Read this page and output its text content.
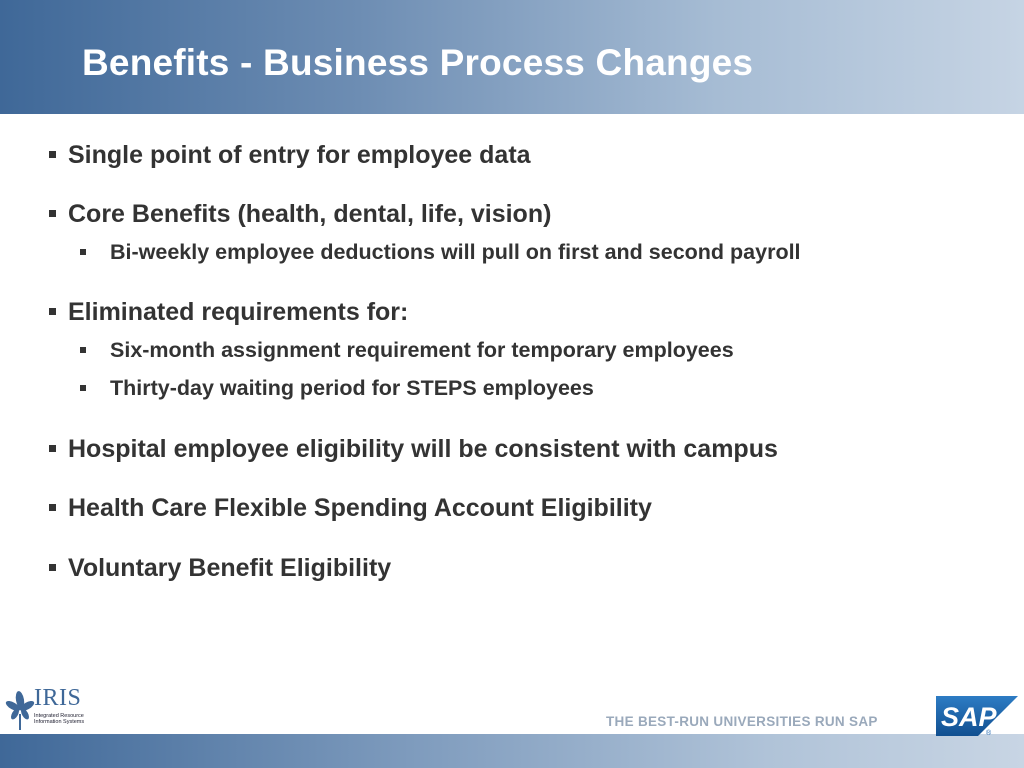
Benefits - Business Process Changes
Single point of entry for employee data
Core Benefits (health, dental, life, vision)
Bi-weekly employee deductions will pull on first and second payroll
Eliminated requirements for:
Six-month assignment requirement for temporary employees
Thirty-day waiting period for STEPS employees
Hospital employee eligibility will be consistent with campus
Health Care Flexible Spending Account Eligibility
Voluntary Benefit Eligibility
THE BEST-RUN UNIVERSITIES RUN SAP
IRIS
Integrated Resource Information Systems	SAP
®
